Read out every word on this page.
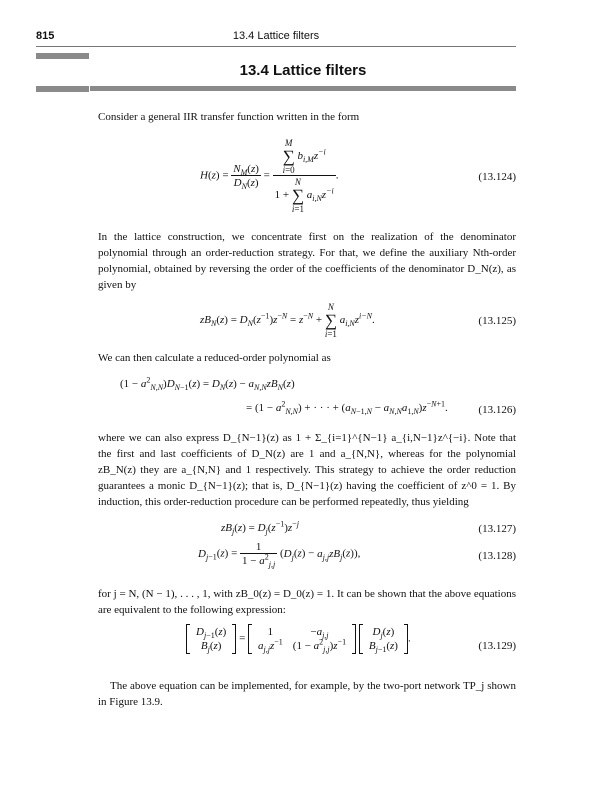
815	13.4 Lattice filters
13.4 Lattice filters
Consider a general IIR transfer function written in the form
$H(z) = \frac{N_M(z)}{D_N(z)} = M$
∑
i=0 $b_{i,M}z^{-i}$
1 + N
∑
i=1 $a_{i,N}z^{-i}$ .	(13.124)
In the lattice construction, we concentrate first on the realization of the denominator polynomial through an order-reduction strategy. For that, we define the auxiliary Nth-order polynomial, obtained by reversing the order of the coefficients of the denominator D_N(z), as given by
$zB_N(z) = D_N(z^{-1})z^{-N} = z^{-N} + N$
∑
i=1 $a_{i,N}z^{i-N}$.	(13.125)
We can then calculate a reduced-order polynomial as
$(1 - a^2_{N,N})D_{N-1}(z) = D_N(z) - a_{N,N}zB_N(z)$
= $(1 - a^2_{N,N})$ + · · · + $(a_{N-1,N} - a_{N,N}a_{1,N})z^{-N+1}$.	(13.126)
where we can also express D_{N−1}(z) as 1 + Σ_{i=1}^{N−1} a_{i,N−1}z^{−i}. Note that the first and last coefficients of D_N(z) are 1 and a_{N,N}, whereas for the polynomial zB_N(z) they are a_{N,N} and 1 respectively. This strategy to achieve the order reduction guarantees a monic D_{N−1}(z); that is, D_{N−1}(z) having the coefficient of z^0 = 1. By induction, this order-reduction procedure can be performed repeatedly, thus yielding
$zB_j(z) = D_j(z^{-1})z^{-j}$	(13.127)
$D_{j-1}(z) = \frac{1}{1 - a^2_{j,j}} (D_j(z) - a_{j,j}zB_j(z))$,	(13.128)
for j = N, (N − 1), . . . , 1, with zB_0(z) = D_0(z) = 1. It can be shown that the above equations are equivalent to the following expression:
$D_{j-1}(z)$
$B_j(z)$
=
1	$-a_{j,j}$
$a_{j,j}z^{-1}$	$(1 - a^2_{j,j})z^{-1}$

$D_j(z)$
$B_{j-1}(z)$
.
(13.129)
The above equation can be implemented, for example, by the two-port network TP_j shown in Figure 13.9.
